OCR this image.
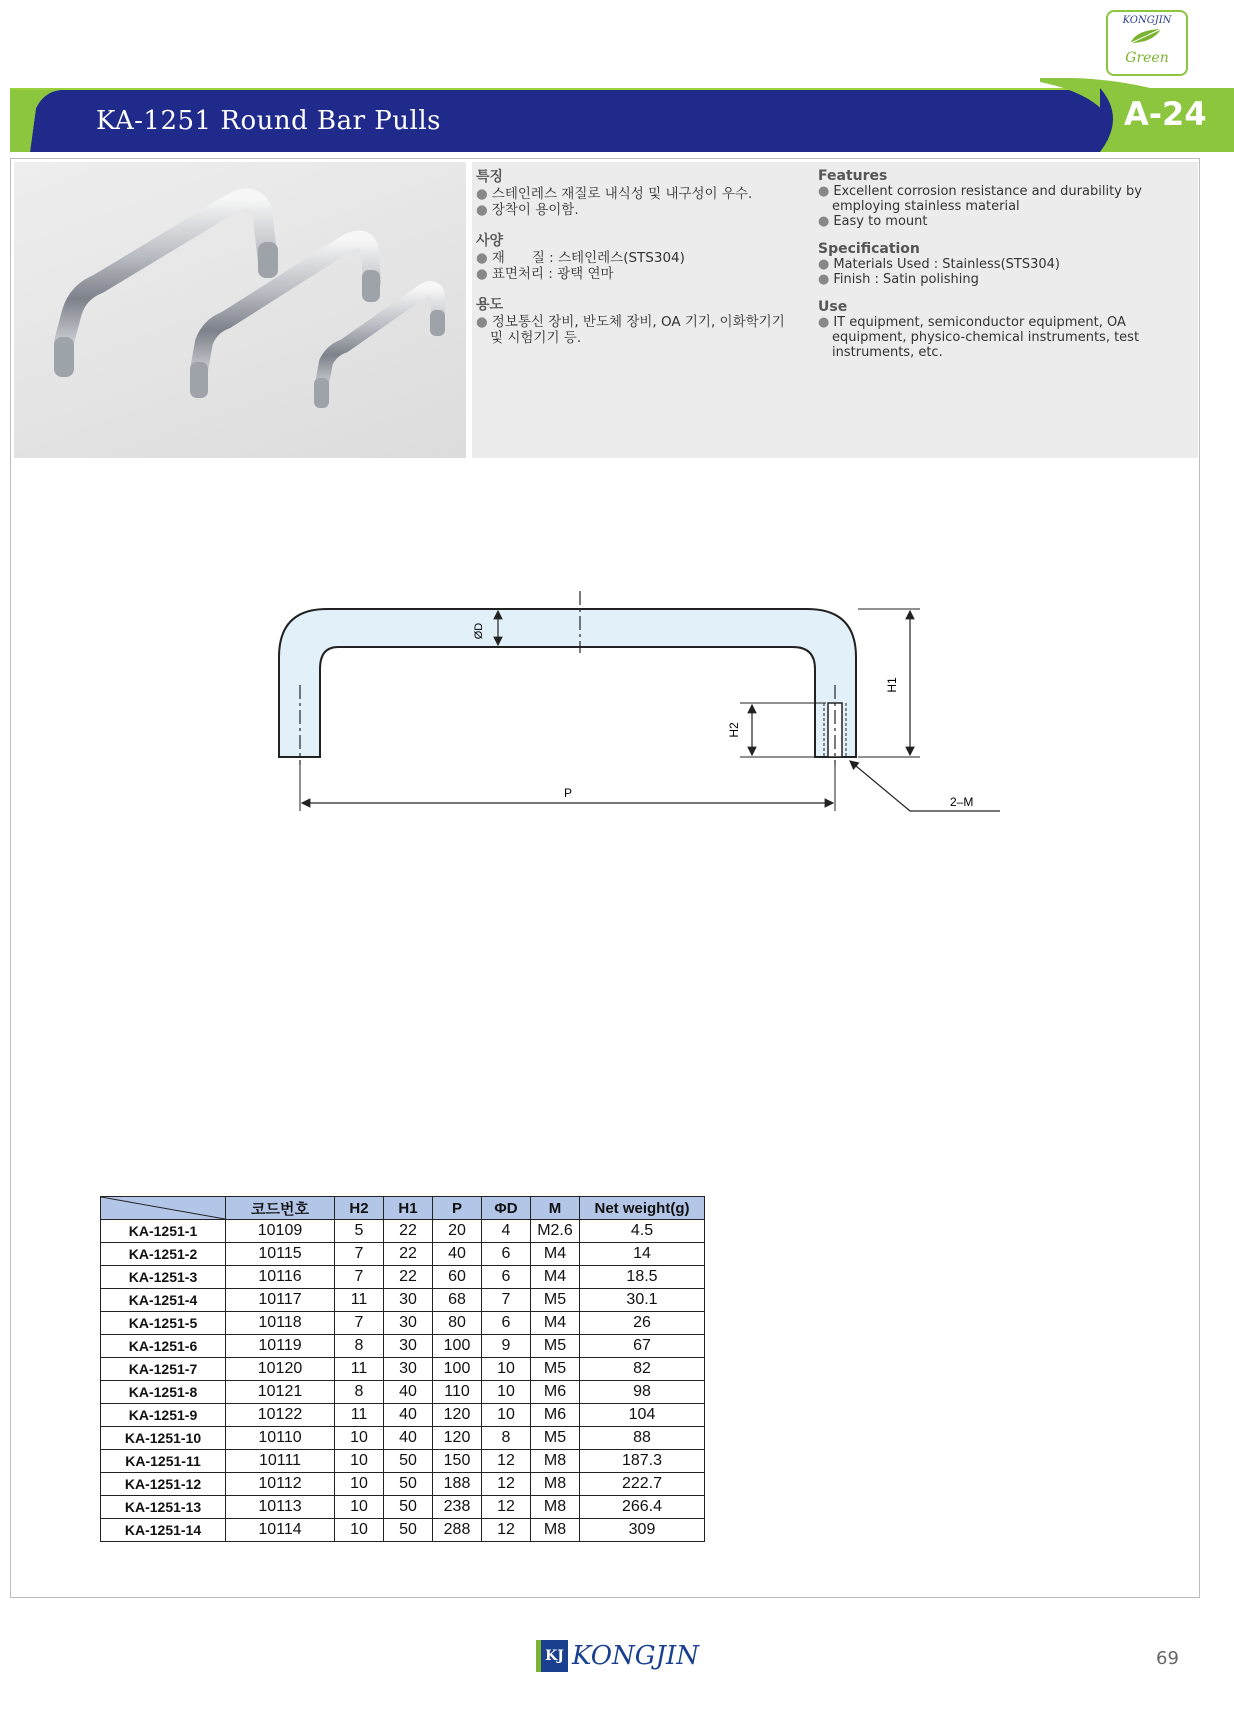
KONGJIN
Green
KA-1251 Round Bar Pulls	A-24
특징
● 스테인레스 재질로 내식성 및 내구성이 우수.
● 장착이 용이함.
사양
● 재　　질 : 스테인레스(STS304)
● 표면처리 : 광택 연마
용도
● 정보통신 장비, 반도체 장비, OA 기기, 이화학기기
및 시험기기 등.
Features
● Excellent corrosion resistance and durability by
employing stainless material
● Easy to mount
Specification
● Materials Used : Stainless(STS304)
● Finish : Satin polishing
Use
● IT equipment, semiconductor equipment, OA
equipment, physico-chemical instruments, test
instruments, etc.
ØD
H1
H2
P
2–M
	코드번호	H2	H1	P	ΦD	M	Net weight(g)
KA-1251-1	10109	5	22	20	4	M2.6	4.5
KA-1251-2	10115	7	22	40	6	M4	14
KA-1251-3	10116	7	22	60	6	M4	18.5
KA-1251-4	10117	11	30	68	7	M5	30.1
KA-1251-5	10118	7	30	80	6	M4	26
KA-1251-6	10119	8	30	100	9	M5	67
KA-1251-7	10120	11	30	100	10	M5	82
KA-1251-8	10121	8	40	110	10	M6	98
KA-1251-9	10122	11	40	120	10	M6	104
KA-1251-10	10110	10	40	120	8	M5	88
KA-1251-11	10111	10	50	150	12	M8	187.3
KA-1251-12	10112	10	50	188	12	M8	222.7
KA-1251-13	10113	10	50	238	12	M8	266.4
KA-1251-14	10114	10	50	288	12	M8	309
KJ KONGJIN	69
